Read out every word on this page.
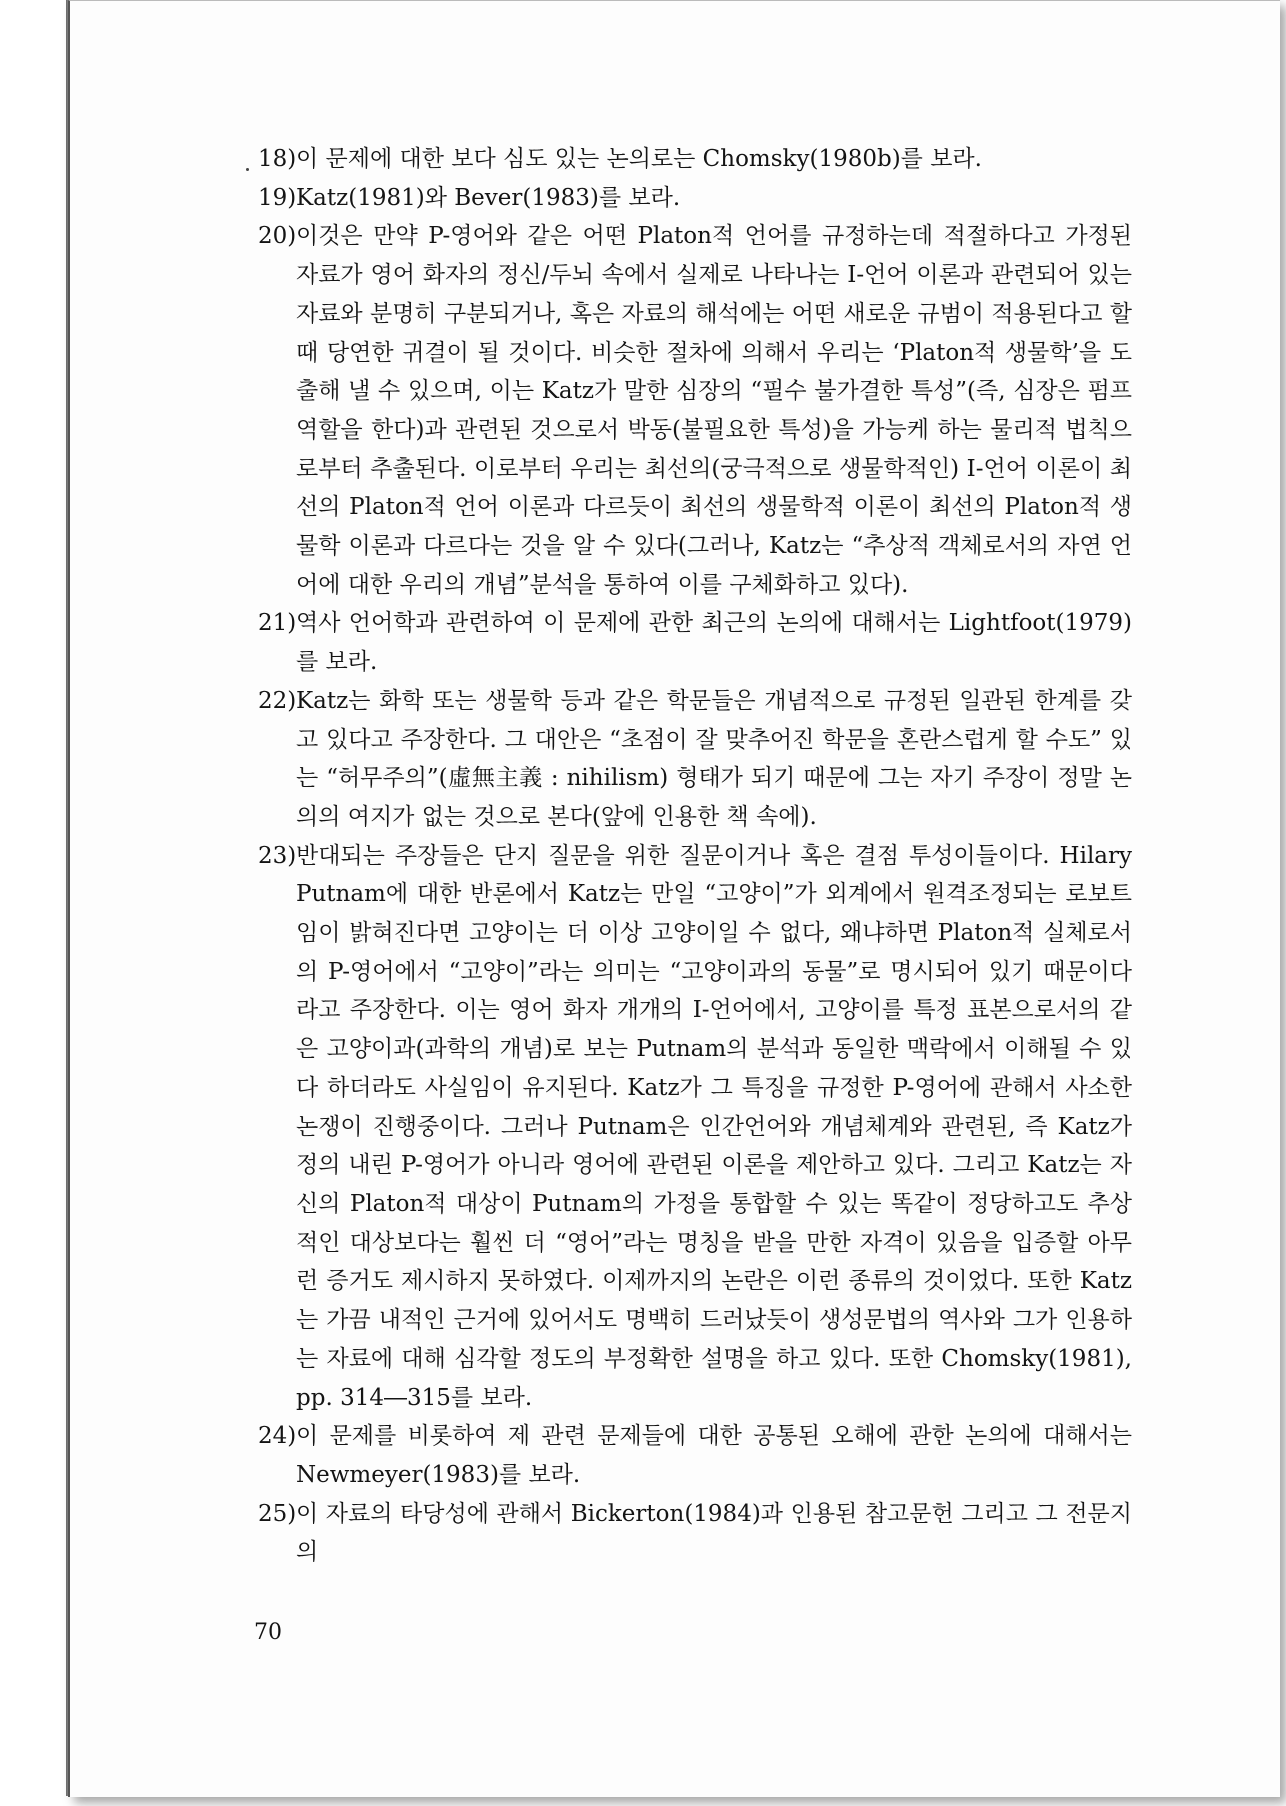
18) 이 문제에 대한 보다 심도 있는 논의로는 Chomsky(1980b)를 보라.
19) Katz(1981)와 Bever(1983)를 보라.
20) 이것은 만약 P-영어와 같은 어떤 Platon적 언어를 규정하는데 적절하다고 가정된 자료가 영어 화자의 정신/두뇌 속에서 실제로 나타나는 I-언어 이론과 관련되어 있는 자료와 분명히 구분되거나, 혹은 자료의 해석에는 어떤 새로운 규범이 적용된다고 할 때 당연한 귀결이 될 것이다. 비슷한 절차에 의해서 우리는 ‘Platon적 생물학’을 도출해 낼 수 있으며, 이는 Katz가 말한 심장의 “필수 불가결한 특성”(즉, 심장은 펌프 역할을 한다)과 관련된 것으로서 박동(불필요한 특성)을 가능케 하는 물리적 법칙으로부터 추출된다. 이로부터 우리는 최선의(궁극적으로 생물학적인) I-언어 이론이 최선의 Platon적 언어 이론과 다르듯이 최선의 생물학적 이론이 최선의 Platon적 생물학 이론과 다르다는 것을 알 수 있다(그러나, Katz는 “추상적 객체로서의 자연 언어에 대한 우리의 개념”분석을 통하여 이를 구체화하고 있다).
21) 역사 언어학과 관련하여 이 문제에 관한 최근의 논의에 대해서는 Lightfoot(1979)를 보라.
22) Katz는 화학 또는 생물학 등과 같은 학문들은 개념적으로 규정된 일관된 한계를 갖고 있다고 주장한다. 그 대안은 “초점이 잘 맞추어진 학문을 혼란스럽게 할 수도” 있는 “허무주의”(虛無主義 : nihilism) 형태가 되기 때문에 그는 자기 주장이 정말 논의의 여지가 없는 것으로 본다(앞에 인용한 책 속에).
23) 반대되는 주장들은 단지 질문을 위한 질문이거나 혹은 결점 투성이들이다. Hilary Putnam에 대한 반론에서 Katz는 만일 “고양이”가 외계에서 원격조정되는 로보트임이 밝혀진다면 고양이는 더 이상 고양이일 수 없다, 왜냐하면 Platon적 실체로서의 P-영어에서 “고양이”라는 의미는 “고양이과의 동물”로 명시되어 있기 때문이다라고 주장한다. 이는 영어 화자 개개의 I-언어에서, 고양이를 특정 표본으로서의 같은 고양이과(과학의 개념)로 보는 Putnam의 분석과 동일한 맥락에서 이해될 수 있다 하더라도 사실임이 유지된다. Katz가 그 특징을 규정한 P-영어에 관해서 사소한 논쟁이 진행중이다. 그러나 Putnam은 인간언어와 개념체계와 관련된, 즉 Katz가 정의 내린 P-영어가 아니라 영어에 관련된 이론을 제안하고 있다. 그리고 Katz는 자신의 Platon적 대상이 Putnam의 가정을 통합할 수 있는 똑같이 정당하고도 추상적인 대상보다는 훨씬 더 “영어”라는 명칭을 받을 만한 자격이 있음을 입증할 아무런 증거도 제시하지 못하였다. 이제까지의 논란은 이런 종류의 것이었다. 또한 Katz는 가끔 내적인 근거에 있어서도 명백히 드러났듯이 생성문법의 역사와 그가 인용하는 자료에 대해 심각할 정도의 부정확한 설명을 하고 있다. 또한 Chomsky(1981), pp. 314―315를 보라.
24) 이 문제를 비롯하여 제 관련 문제들에 대한 공통된 오해에 관한 논의에 대해서는 Newmeyer(1983)를 보라.
25) 이 자료의 타당성에 관해서 Bickerton(1984)과 인용된 참고문헌 그리고 그 전문지의
70
